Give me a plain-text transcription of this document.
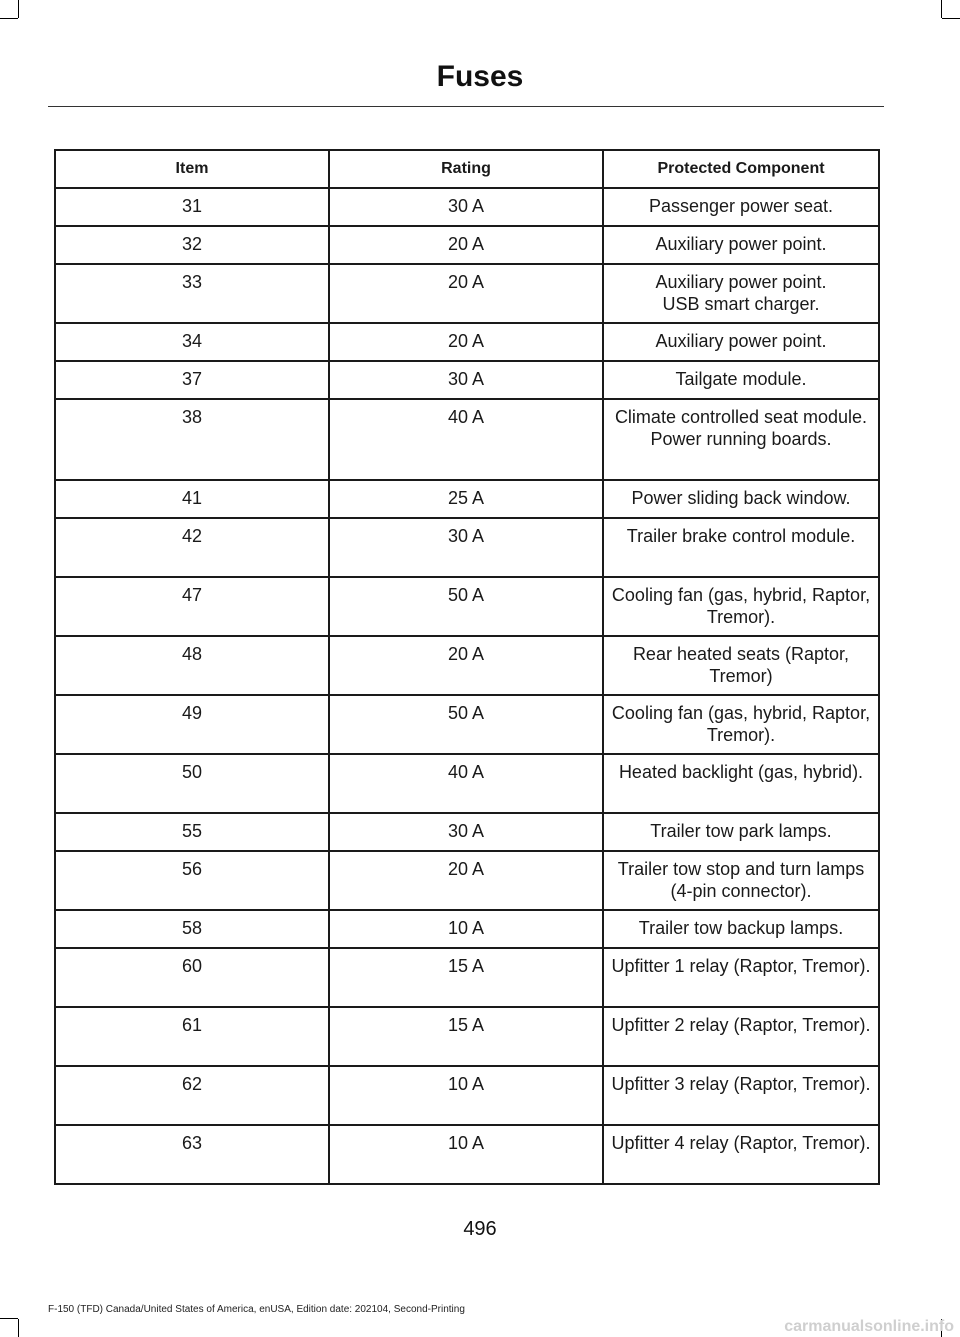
Fuses
Item	Rating	Protected Component
31	30 A	Passenger power seat.

32	20 A	Auxiliary power point.

33	20 A	Auxiliary power point.
USB smart charger.

34	20 A	Auxiliary power point.

37	30 A	Tailgate module.

38	40 A	Climate controlled seat module.
Power running boards.

41	25 A	Power sliding back window.

42	30 A	Trailer brake control module.

47	50 A	Cooling fan (gas, hybrid, Raptor, Tremor).

48	20 A	Rear heated seats (Raptor, Tremor)

49	50 A	Cooling fan (gas, hybrid, Raptor, Tremor).

50	40 A	Heated backlight (gas, hybrid).

55	30 A	Trailer tow park lamps.

56	20 A	Trailer tow stop and turn lamps (4-pin connector).

58	10 A	Trailer tow backup lamps.

60	15 A	Upfitter 1 relay (Raptor, Tremor).

61	15 A	Upfitter 2 relay (Raptor, Tremor).

62	10 A	Upfitter 3 relay (Raptor, Tremor).

63	10 A	Upfitter 4 relay (Raptor, Tremor).
496
F-150 (TFD) Canada/United States of America, enUSA, Edition date: 202104, Second-Printing
carmanualsonline.info
